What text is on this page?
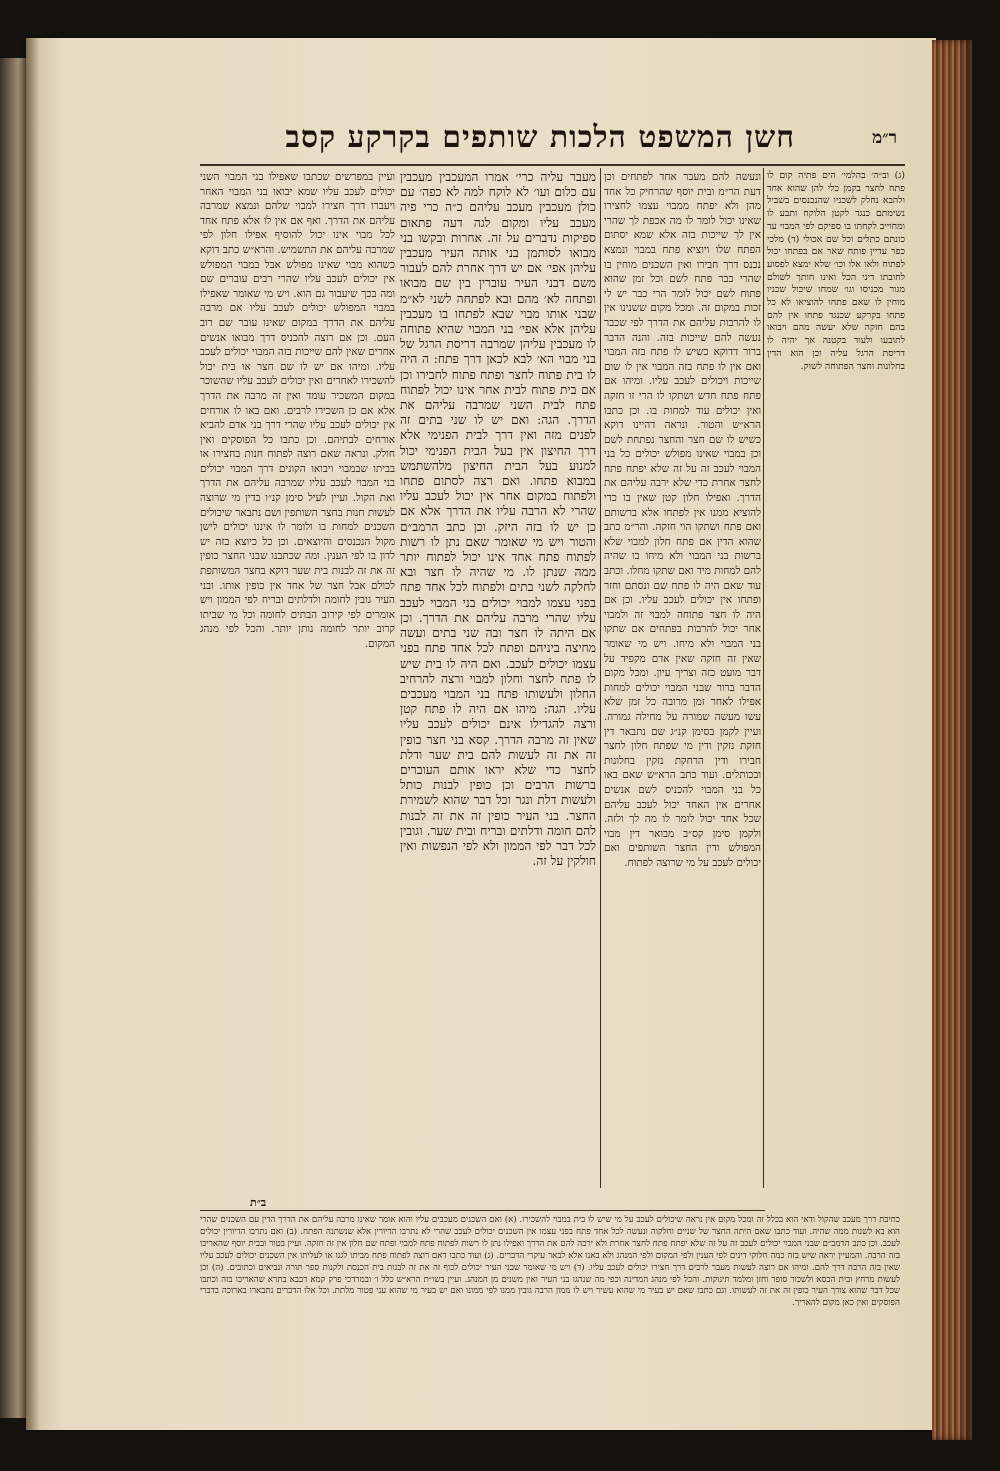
חשן המשפט הלכות שותפים בקרקע קסב	ר״מ

(ג) וב״ה׳ בהלמי׳ הים פתיה קום לו פתח לחצר בקמן כלי להן שהוא אחד ולהבא נחלק לשכניו שהנכנסים בשביל נשימתם כנגד לקטן הלוקח ותבע לו ומחוייב לקחתו בו ספיקם לפי המבוי עד כונתם כתלים וכל שם אכולי (ד) מלכי כפר עדיין פותח שאר אם בפתחו יכול לפתוח ולאו אלו וכו׳ שלא ימצא לפסוע לחובתו דיני הכל ואינו חותך לשולם מגור מכניסו וגו׳ שמחו שיכול שכניו מוחין לו שאם פתחו להוציאו לא כל פתחו בקרקע שכנגד פתחו אין להם בהם חזקה שלא יעשה מהם ויבואו לתובעו ולעוד בקטנה אך יהיה לו דריסת הרגל עליה וכן הוא הדין בחלונות וחצר הפתוחה לשוק.

ונעשה להם מעבר אחד לפתחים וכן דעת הר״מ ובית יוסף שהרחיק כל אחד מהן ולא יפתח ממבוי עצמו לחצירו שאינו יכול לומר לו מה אכפת לך שהרי אין לך שייכות בזה אלא שמא יסתום הפתח שלו ויוציא פתח במבוי ונמצא נכנס דרך חבירו ואין השכנים מוחין בו שהרי כבר פתח לשם וכל זמן שהוא פתוח לשם יכול לומר הרי כבר יש לי זכות במקום זה. ומכל מקום ששנינו אין לו להרבות עליהם את הדרך לפי שכבר נעשה להם שייכות בזה. והנה הדבר ברור דדוקא כשיש לו פתח בזה המבוי ואם אין לו פתח בזה המבוי אין לו שום שייכות ויכולים לעכב עליו. ומיהו אם פתח פתח חדש ושתקו לו הרי זו חזקה ואין יכולים עוד למחות בו. וכן כתבו הרא״ש והטור. ונראה דהיינו דוקא כשיש לו שם חצר והחצר נפתחת לשם וכן במבוי שאינו מפולש יכולים כל בני המבוי לעכב זה על זה שלא יפתח פתח לחצר אחרת כדי שלא ירבה עליהם את הדרך. ואפילו חלון קטן שאין בו כדי להוציא ממנו אין לפתחו אלא ברשותם ואם פתח ושתקו הוי חזקה. והר״מ כתב שהוא הדין אם פתח חלון למבוי שלא ברשות בני המבוי ולא מיחו בו שהיה להם למחות מיד ואם שתקו מחלו. וכתב עוד שאם היה לו פתח שם ונסתם וחזר ופתחו אין יכולים לעכב עליו. וכן אם היה לו חצר פתוחה למבוי זה ולמבוי אחר יכול להרבות בפתחים אם שתקו בני המבוי ולא מיחו. ויש מי שאומר שאין זה חזקה שאין אדם מקפיד על דבר מועט כזה וצריך עיון. ומכל מקום הדבר ברור שבני המבוי יכולים למחות אפילו לאחר זמן מרובה כל זמן שלא עשו מעשה שמורה על מחילה גמורה. ועיין לקמן בסימן קנ״ג שם נתבאר דין חזקת נזקין ודין מי שפתח חלון לחצר חבירו ודין הרחקת נזקין בחלונות ובכותלים. ועוד כתב הרא״ש שאם באו כל בני המבוי להכניס לשם אנשים אחרים אין האחד יכול לעכב עליהם שכל אחד יכול לומר לו מה לך ולזה. ולקמן סימן קס״ב מבואר דין מבוי המפולש ודין החצר השותפים ואם יכולים לעכב על מי שרוצה לפתוח.

מעבר עליה כרי׳ אמרו המעכבין מעכבין עם כלום ועו׳ לא לוקח למה לא כפה׳ עם כולן מעכבין מעכב עליהם כ״ה כרי פיה מעכב עליו ומקום לגה דעה פתאום ספיקות נדברים על זה. אחרות ובקשו בני מבואו לסותמן בני אותה העיר מעכבין עליהן אפי׳ אם יש דרך אחרת להם לעבור משם דבני העיר עוברין בין שם מבואו ופתחה לא׳ מהם ובא לפתחה לשני לא״מ שבני אותו מבוי שבא לפתחו בו מעכבין עליהן אלא אפי׳ בני המבוי שהיא פתוחה לו מעכבין עליהן שמרבה דריסת הרגל של בני מבוי הא׳ לבא לכאן דרך פתח: ה היה לו בית פתוח לחצר ופתח פתוח לחבירו וכן אם בית פתוח לבית אחר אינו יכול לפתוח פתח לבית השני שמרבה עליהם את הדרך. הגה: ואם יש לו שני בתים זה לפנים מזה ואין דרך לבית הפנימי אלא דרך החיצון אין בעל הבית הפנימי יכול למנוע בעל הבית החיצון מלהשתמש במבוא פתחו. ואם רצה לסתום פתחו ולפתוח במקום אחר אין יכול לעכב עליו שהרי לא הרבה עליו את הדרך אלא אם כן יש לו בזה היזק. וכן כתב הרמב״ם והטור ויש מי שאומר שאם נתן לו רשות לפתוח פתח אחד אינו יכול לפתוח יותר ממה שנתן לו. מי שהיה לו חצר ובא לחלקה לשני בתים ולפתוח לכל אחד פתח בפני עצמו למבוי יכולים בני המבוי לעכב עליו שהרי מרבה עליהם את הדרך. וכן אם היתה לו חצר ובה שני בתים ועשה מחיצה ביניהם ופתח לכל אחד פתח בפני עצמו יכולים לעכב. ואם היה לו בית שיש לו פתח לחצר וחלון למבוי ורצה להרחיב החלון ולעשותו פתח בני המבוי מעכבים עליו. הגה: מיהו אם היה לו פתח קטן ורצה להגדילו אינם יכולים לעכב עליו שאין זה מרבה הדרך. קסא בני חצר כופין זה את זה לעשות להם בית שער ודלת לחצר כדי שלא יראו אותם העוברים ברשות הרבים וכן כופין לבנות כותל ולעשות דלת ונגר וכל דבר שהוא לשמירת החצר. בני העיר כופין זה את זה לבנות להם חומה ודלתים ובריח ובית שער. וגובין לכל דבר לפי הממון ולא לפי הנפשות ואין חולקין על זה.

ועיין במפרשים שכתבו שאפילו בני המבוי השני יכולים לעכב עליו שמא יבואו בני המבוי האחר ויעברו דרך חצירו למבוי שלהם ונמצא שמרבה עליהם את הדרך. ואף אם אין לו אלא פתח אחד לכל מבוי אינו יכול להוסיף אפילו חלון לפי שמרבה עליהם את התשמיש. והרא״ש כתב דוקא כשהוא מבוי שאינו מפולש אבל במבוי המפולש אין יכולים לעכב עליו שהרי רבים עוברים שם ומה בכך שיעבור גם הוא. ויש מי שאומר שאפילו במבוי המפולש יכולים לעכב עליו אם מרבה עליהם את הדרך במקום שאינו עובר שם רוב העם. וכן אם רוצה להכניס דרך מבואו אנשים אחרים שאין להם שייכות בזה המבוי יכולים לעכב עליו. ומיהו אם יש לו שם חצר או בית יכול להשכירו לאחרים ואין יכולים לעכב עליו שהשוכר במקום המשכיר עומד ואין זה מרבה את הדרך אלא אם כן השכירו לרבים. ואם באו לו אורחים אין יכולים לעכב עליו שהרי דרך בני אדם להביא אורחים לבתיהם. וכן כתבו כל הפוסקים ואין חולק. ונראה שאם רוצה לפתוח חנות בחצירו או בביתו שבמבוי ויבואו הקונים דרך המבוי יכולים בני המבוי לעכב עליו שמרבה עליהם את הדרך ואת הקול. ועיין לעיל סימן קנ״ו בדין מי שרוצה לעשות חנות בחצר השותפין ושם נתבאר שיכולים השכנים למחות בו ולומר לו איננו יכולים לישן מקול הנכנסים והיוצאים. וכן כל כיוצא בזה יש לדון בו לפי הענין. ומה שכתבנו שבני החצר כופין זה את זה לבנות בית שער דוקא בחצר המשותפת לכולם אבל חצר של אחד אין כופין אותו. ובני העיר גובין לחומה ולדלתים ובריח לפי הממון ויש אומרים לפי קירוב הבתים לחומה וכל מי שביתו קרוב יותר לחומה נותן יותר. והכל לפי מנהג המקום.

ב״ת

כחיבת דרך מעכב שהקול ודאי הוא בכלל זה ומכל מקום אין נראה שיכולים לעכב על מי שיש לו בית במבוי להשכירו. (א) ואם השכנים מעכבים עליו והוא אומר שאינו מרבה עליהם את הדרך הדין עם השכנים שהרי הוא בא לשנות ממה שהיה. ועוד כתבו שאם היתה החצר של שניים וחלקוה ונעשה לכל אחד פתח בפני עצמו אין השכנים יכולים לעכב שהרי לא נתרבו הדיורין אלא שנשתנה הפתח. (ב) ואם נתרבו הדיורין יכולים לעכב. וכן כתב הרמב״ם שבני המבוי יכולים לעכב זה על זה שלא יפתח פתח לחצר אחרת ולא ירבה להם את הדרך ואפילו נתן לו רשות לפתוח פתח למבוי ופתח שם חלון אין זה חזקה. ועיין בטור ובבית יוסף שהאריכו בזה הרבה. והמעיין יראה שיש בזה כמה חלוקי דינים לפי הענין ולפי המקום ולפי המנהג ולא באנו אלא לבאר עיקרי הדברים. (ג) ועוד כתבו דאם רוצה לפתוח פתח מביתו לגגו או לעליתו אין השכנים יכולים לעכב עליו שאין בזה הרבה דרך להם. ומיהו אם רוצה לעשות מעבר לרבים דרך חצירו יכולים לעכב עליו. (ד) ויש מי שאומר שבני העיר יכולים לכוף זה את זה לבנות בית הכנסת ולקנות ספר תורה ונביאים וכתובים. (ה) וכן לעשות מרחץ ובית הכסא ולשכור סופר וחזן ומלמד תינוקות. והכל לפי מנהג המדינה וכפי מה שנהגו בני העיר ואין משנים מן המנהג. ועיין בשו״ת הרא״ש כלל ו׳ ובמרדכי פרק קמא דבבא בתרא שהאריכו בזה וכתבו שכל דבר שהוא צורך העיר כופין זה את זה לעשותו. וגם כתבו שאם יש בעיר מי שהוא עשיר ויש לו ממון הרבה גובין ממנו לפי ממונו ואם יש בעיר מי שהוא עני פטור מלתת. וכל אלו הדברים נתבארו בארוכה בדברי הפוסקים ואין כאן מקום להאריך.
